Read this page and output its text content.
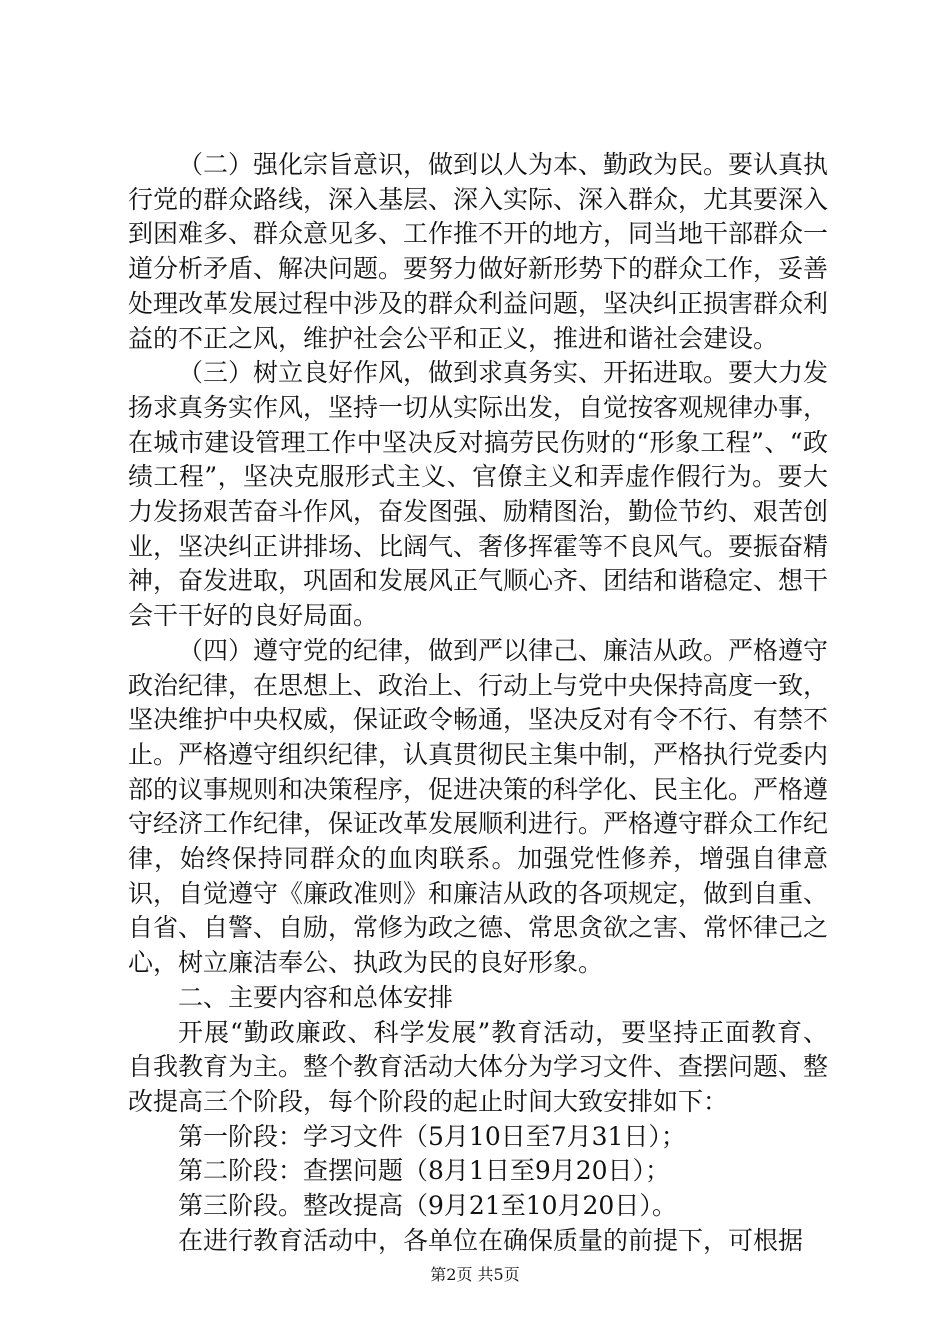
（二）强化宗旨意识，做到以人为本、勤政为民。要认真执行党的群众路线，深入基层、深入实际、深入群众，尤其要深入到困难多、群众意见多、工作推不开的地方，同当地干部群众一道分析矛盾、解决问题。要努力做好新形势下的群众工作，妥善处理改革发展过程中涉及的群众利益问题，坚决纠正损害群众利益的不正之风，维护社会公平和正义，推进和谐社会建设。

（三）树立良好作风，做到求真务实、开拓进取。要大力发扬求真务实作风，坚持一切从实际出发，自觉按客观规律办事，在城市建设管理工作中坚决反对搞劳民伤财的“形象工程”、“政绩工程”，坚决克服形式主义、官僚主义和弄虚作假行为。要大力发扬艰苦奋斗作风，奋发图强、励精图治，勤俭节约、艰苦创业，坚决纠正讲排场、比阔气、奢侈挥霍等不良风气。要振奋精神，奋发进取，巩固和发展风正气顺心齐、团结和谐稳定、想干会干干好的良好局面。

（四）遵守党的纪律，做到严以律己、廉洁从政。严格遵守政治纪律，在思想上、政治上、行动上与党中央保持高度一致，坚决维护中央权威，保证政令畅通，坚决反对有令不行、有禁不止。严格遵守组织纪律，认真贯彻民主集中制，严格执行党委内部的议事规则和决策程序，促进决策的科学化、民主化。严格遵守经济工作纪律，保证改革发展顺利进行。严格遵守群众工作纪律，始终保持同群众的血肉联系。加强党性修养，增强自律意识，自觉遵守《廉政准则》和廉洁从政的各项规定，做到自重、自省、自警、自励，常修为政之德、常思贪欲之害、常怀律己之心，树立廉洁奉公、执政为民的良好形象。

二、主要内容和总体安排

开展“勤政廉政、科学发展”教育活动，要坚持正面教育、自我教育为主。整个教育活动大体分为学习文件、查摆问题、整改提高三个阶段，每个阶段的起止时间大致安排如下：

第一阶段：学习文件（5月10日至7月31日）；

第二阶段：查摆问题（8月1日至9月20日）；

第三阶段。整改提高（9月21至10月20日）。

在进行教育活动中，各单位在确保质量的前提下，可根据

第2页 共5页
